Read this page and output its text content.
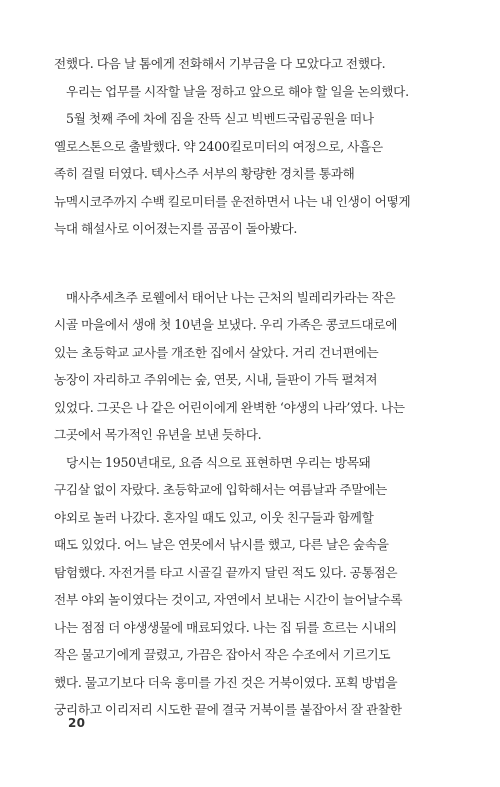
전했다. 다음 날 톰에게 전화해서 기부금을 다 모았다고 전했다.
우리는 업무를 시작할 날을 정하고 앞으로 해야 할 일을 논의했다.
5월 첫째 주에 차에 짐을 잔뜩 싣고 빅벤드국립공원을 떠나
옐로스톤으로 출발했다. 약 2400킬로미터의 여정으로, 사흘은
족히 걸릴 터였다. 텍사스주 서부의 황량한 경치를 통과해
뉴멕시코주까지 수백 킬로미터를 운전하면서 나는 내 인생이 어떻게
늑대 해설사로 이어졌는지를 곰곰이 돌아봤다.
매사추세츠주 로웰에서 태어난 나는 근처의 빌레리카라는 작은
시골 마을에서 생애 첫 10년을 보냈다. 우리 가족은 콩코드대로에
있는 초등학교 교사를 개조한 집에서 살았다. 거리 건너편에는
농장이 자리하고 주위에는 숲, 연못, 시내, 들판이 가득 펼쳐져
있었다. 그곳은 나 같은 어린이에게 완벽한 ‘야생의 나라’였다. 나는
그곳에서 목가적인 유년을 보낸 듯하다.
당시는 1950년대로, 요즘 식으로 표현하면 우리는 방목돼
구김살 없이 자랐다. 초등학교에 입학해서는 여름날과 주말에는
야외로 놀러 나갔다. 혼자일 때도 있고, 이웃 친구들과 함께할
때도 있었다. 어느 날은 연못에서 낚시를 했고, 다른 날은 숲속을
탐험했다. 자전거를 타고 시골길 끝까지 달린 적도 있다. 공통점은
전부 야외 놀이였다는 것이고, 자연에서 보내는 시간이 늘어날수록
나는 점점 더 야생생물에 매료되었다. 나는 집 뒤를 흐르는 시내의
작은 물고기에게 끌렸고, 가끔은 잡아서 작은 수조에서 기르기도
했다. 물고기보다 더욱 흥미를 가진 것은 거북이였다. 포획 방법을
궁리하고 이리저리 시도한 끝에 결국 거북이를 붙잡아서 잘 관찰한
20
